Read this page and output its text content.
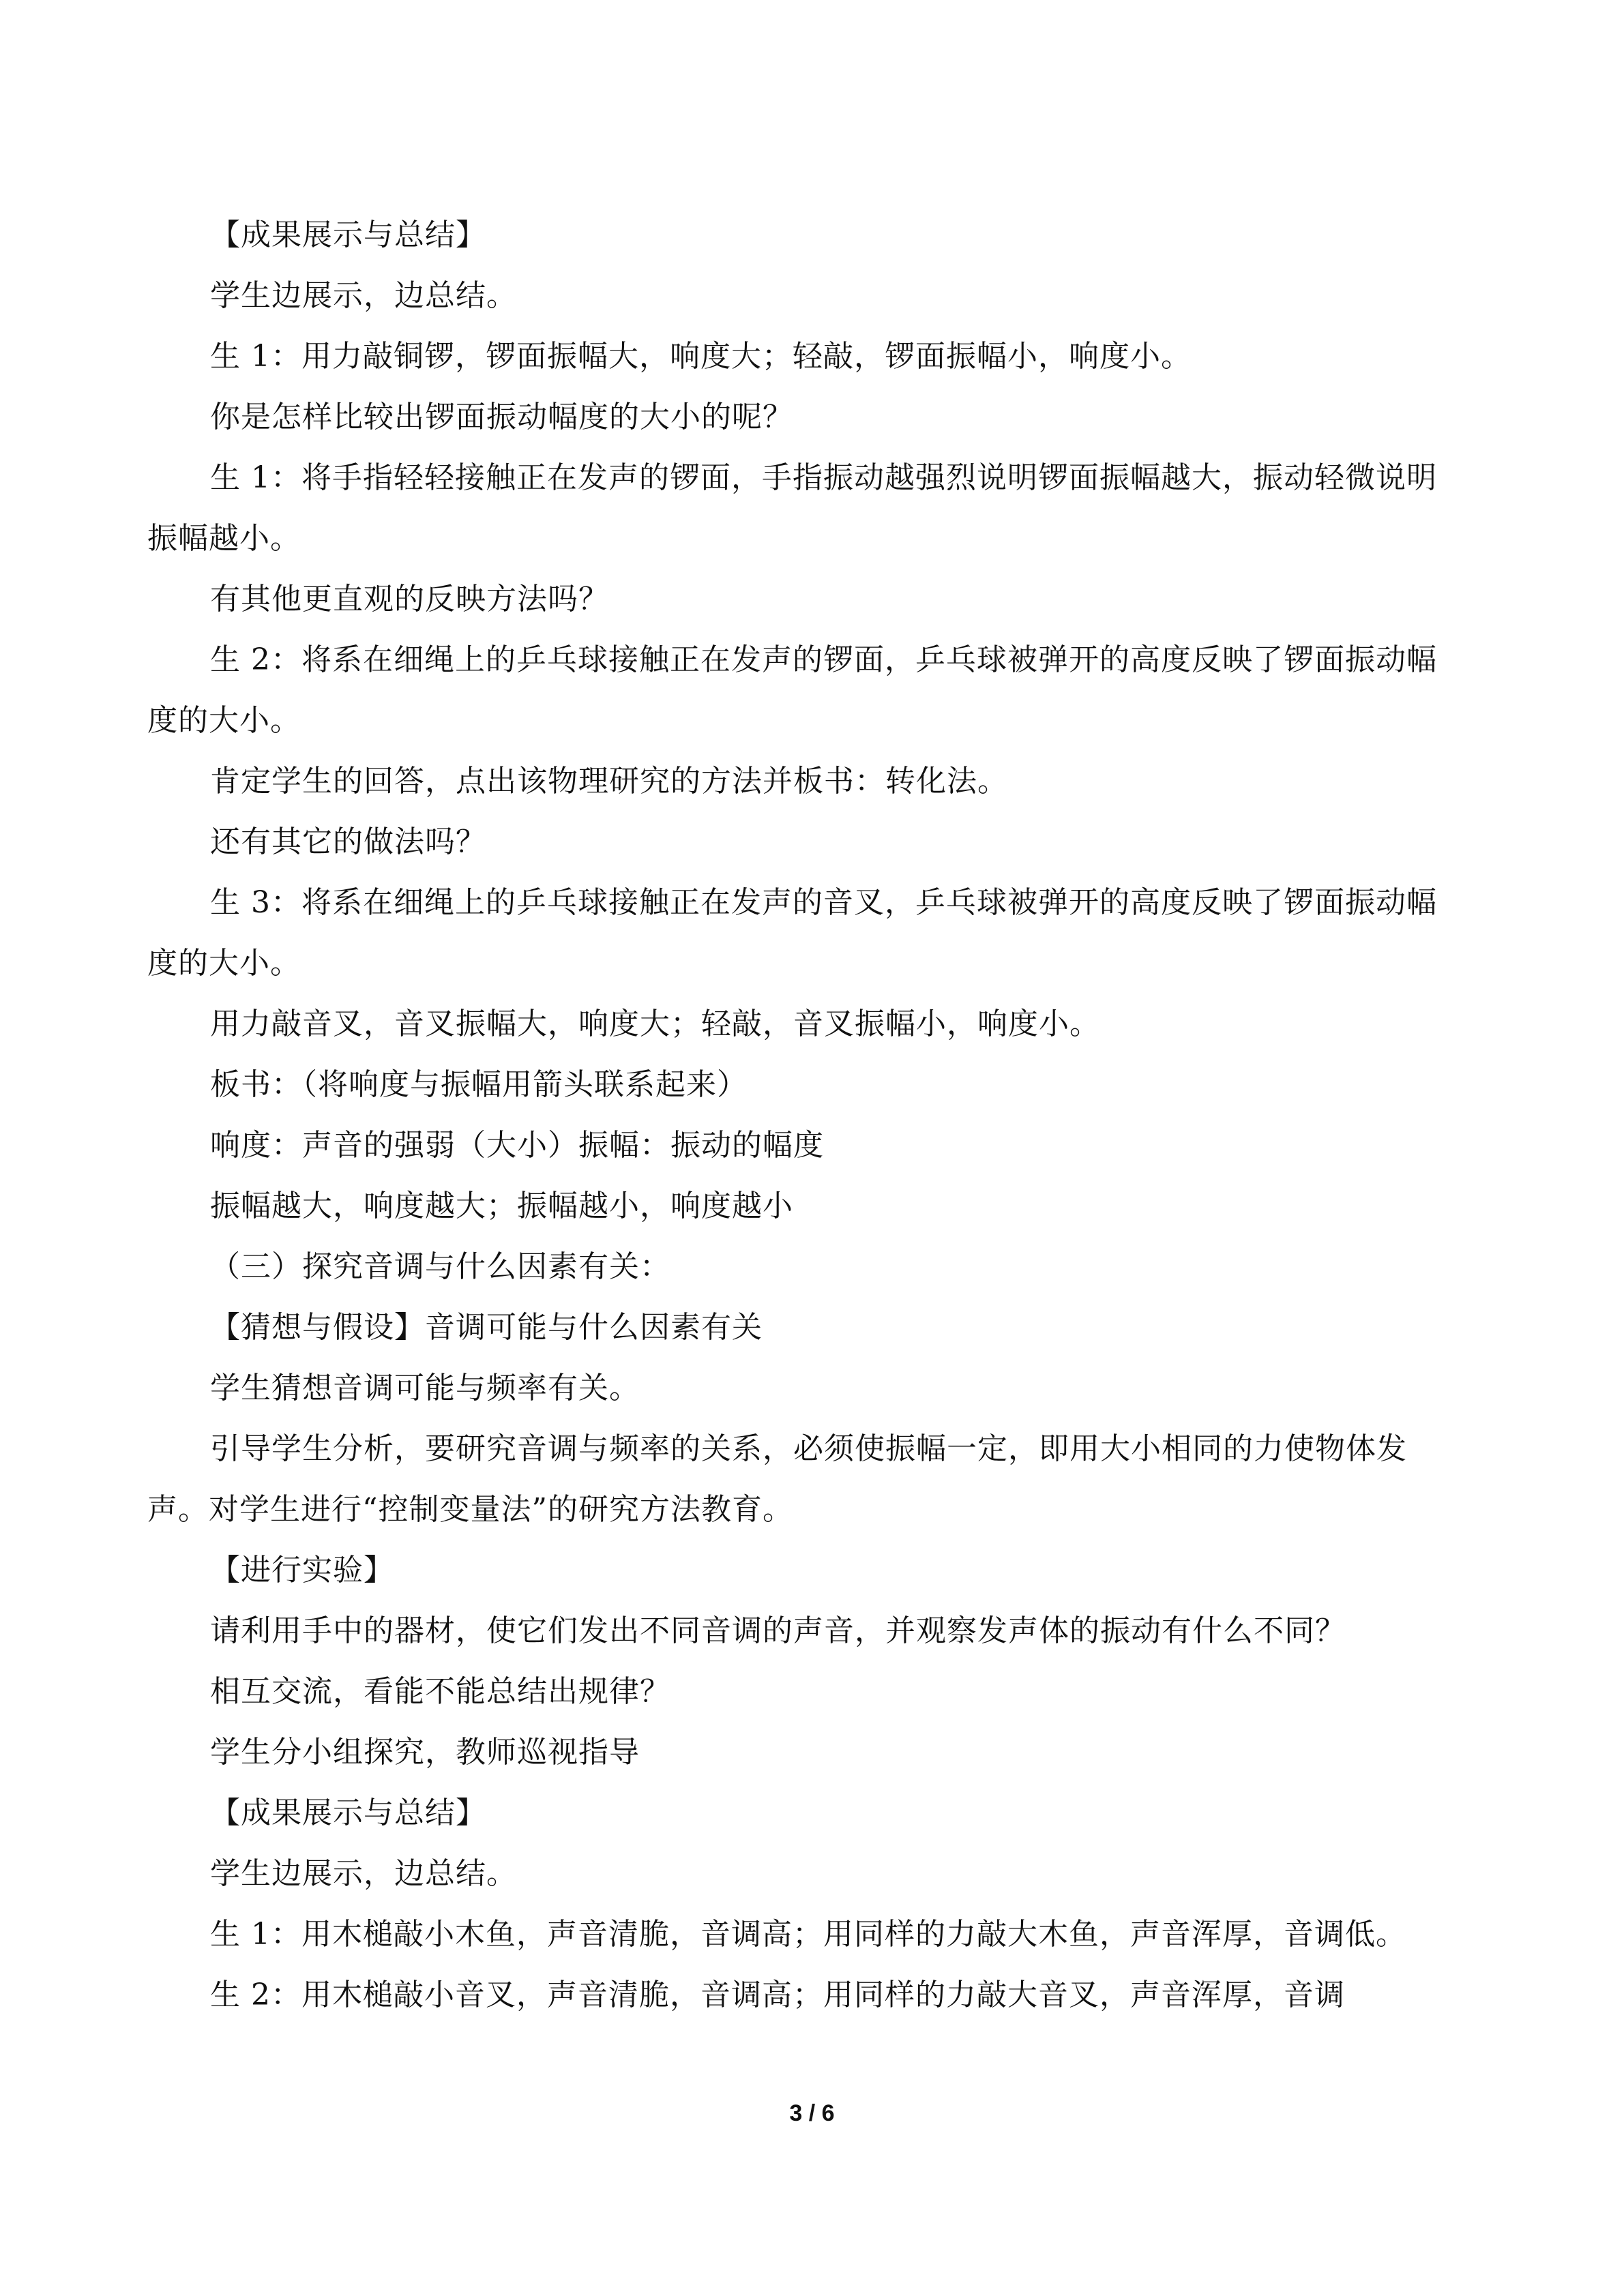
【成果展示与总结】

学生边展示，边总结。

生 1：用力敲铜锣，锣面振幅大，响度大；轻敲，锣面振幅小，响度小。

你是怎样比较出锣面振动幅度的大小的呢？

生 1：将手指轻轻接触正在发声的锣面，手指振动越强烈说明锣面振幅越大，振动轻微说明振幅越小。

有其他更直观的反映方法吗？

生 2：将系在细绳上的乒乓球接触正在发声的锣面，乒乓球被弹开的高度反映了锣面振动幅度的大小。

肯定学生的回答，点出该物理研究的方法并板书：转化法。

还有其它的做法吗？

生 3：将系在细绳上的乒乓球接触正在发声的音叉，乒乓球被弹开的高度反映了锣面振动幅度的大小。

用力敲音叉，音叉振幅大，响度大；轻敲，音叉振幅小，响度小。

板书：（将响度与振幅用箭头联系起来）

响度：声音的强弱（大小）振幅：振动的幅度

振幅越大，响度越大；振幅越小，响度越小

（三）探究音调与什么因素有关：

【猜想与假设】音调可能与什么因素有关

学生猜想音调可能与频率有关。

引导学生分析，要研究音调与频率的关系，必须使振幅一定，即用大小相同的力使物体发声。对学生进行“控制变量法”的研究方法教育。

【进行实验】

请利用手中的器材，使它们发出不同音调的声音，并观察发声体的振动有什么不同？

相互交流，看能不能总结出规律？

学生分小组探究，教师巡视指导

【成果展示与总结】

学生边展示，边总结。

生 1：用木槌敲小木鱼，声音清脆，音调高；用同样的力敲大木鱼，声音浑厚，音调低。

生 2：用木槌敲小音叉，声音清脆，音调高；用同样的力敲大音叉，声音浑厚，音调

3 / 6
